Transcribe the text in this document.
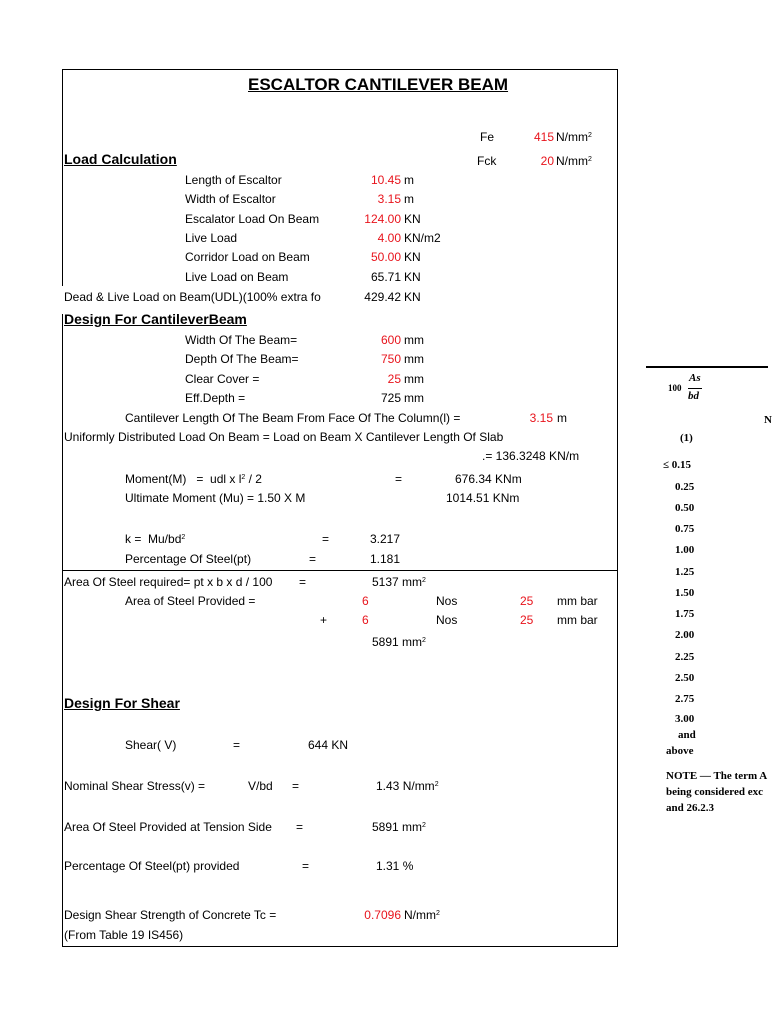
ESCALTOR CANTILEVER BEAM
Fe	415 $N/mm^2$
Fck	20 $N/mm^2$
Load Calculation
Length of Escaltor	10.45 m
Width of Escaltor	3.15 m
Escalator Load On Beam	124.00 KN
Live Load	4.00 KN/m2
Corridor Load on Beam	50.00 KN
Live Load on Beam	65.71 KN
Dead & Live Load on Beam(UDL)(100% extra fo	429.42 KN
Design For CantileverBeam
Width Of The Beam=	600 mm
Depth Of The Beam=	750 mm
Clear Cover =	25 mm
Eff.Depth =	725 mm
Cantilever Length Of The Beam From Face Of The Column(l) =	3.15 m
Uniformly Distributed Load On Beam = Load on Beam X Cantilever Length Of Slab
.= 136.3248 KN/m
Moment(M)   =  udl x $l^2 / 2$	=	676.34 KNm
Ultimate Moment (Mu) = 1.50 X M	1014.51 KNm
$k = Mu/bd^2$	=	3.217
Percentage Of Steel(pt)	=	1.181
Area Of Steel required= pt x b x d / 100 =	5137 $mm^2$
Area of Steel Provided =	6	Nos	25 mm bar
+	6	Nos	25 mm bar
5891 $mm^2$
Design For Shear
Shear( V)	=	644 KN
Nominal Shear Stress(v) =	V/bd =	1.43 $N/mm^2$
Area Of Steel Provided at Tension Side =	5891 $mm^2$
Percentage Of Steel(pt) provided	=	1.31 %
Design Shear Strength of Concrete Tc =	0.7096 $N/mm^2$
(From Table 19 IS456)
100
As
bd
N
(1)
≤ 0.15
0.25
0.50
0.75
1.00
1.25
1.50
1.75
2.00
2.25
2.50
2.75
3.00
and
above
NOTE — The term A
being considered exc
and 26.2.3
